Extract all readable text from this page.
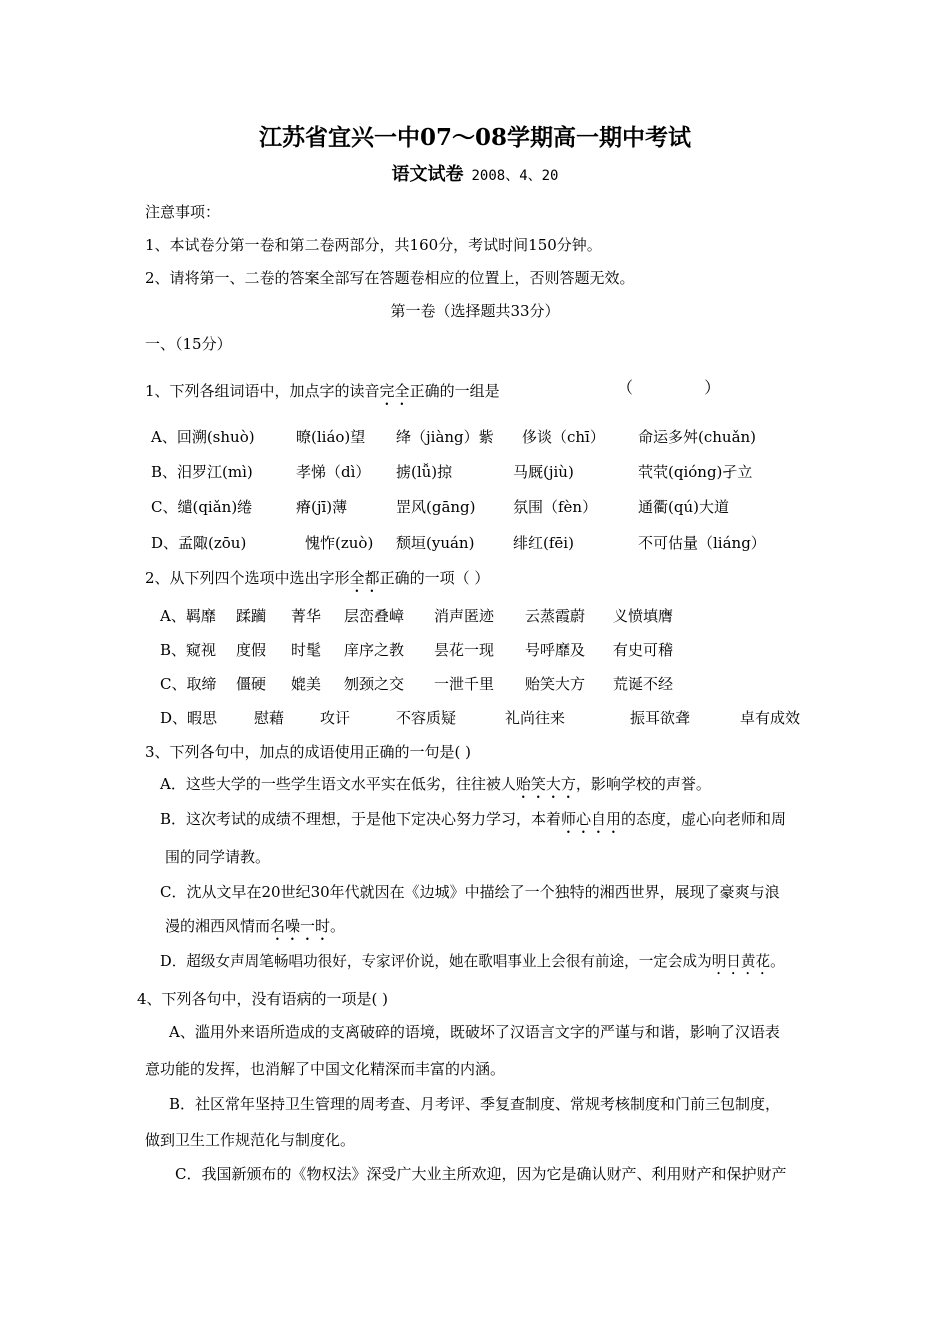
江苏省宜兴一中07～08学期高一期中考试
语文试卷 2008、4、20
注意事项：
1、本试卷分第一卷和第二卷两部分，共160分，考试时间150分钟。
2、请将第一、二卷的答案全部写在答题卷相应的位置上，否则答题无效。
第一卷（选择题共33分）
一、（15分）
1、下列各组词语中，加点字的读音完全正确的一组是	（              ）
A、回溯(shuò)	暸(liáo)望 绛（jiàng）紫 侈谈（chī） 命运多舛(chuǎn)
B、汨罗江(mì)	孝悌（dì） 掳(lǚ)掠	马厩(jiù)	茕茕(qióng)孑立
C、缱(qiǎn)绻	瘠(jī)薄	罡风(gāng) 氛围（fèn）	通衢(qú)大道
D、孟陬(zōu)	愧怍(zuò) 颓垣(yuán)	绯红(fēi)	不可估量（liáng）
2、从下列四个选项中选出字形全都正确的一项（ ）
A、羁靡 蹂躏 菁华 层峦叠嶂 消声匿迹 云蒸霞蔚 义愤填膺
B、窥视 度假 时髦 庠序之教 昙花一现 号呼靡及 有史可稽
C、取缔 僵硬 媲美 刎颈之交 一泄千里 贻笑大方 荒诞不经
D、暇思 慰藉 攻讦	不容质疑	礼尚往来	振耳欲聋	卓有成效
3、下列各句中，加点的成语使用正确的一句是( )
A．这些大学的一些学生语文水平实在低劣，往往被人贻笑大方，影响学校的声誉。
B．这次考试的成绩不理想，于是他下定决心努力学习，本着师心自用的态度，虚心向老师和周
围的同学请教。
C．沈从文早在20世纪30年代就因在《边城》中描绘了一个独特的湘西世界，展现了豪爽与浪
漫的湘西风情而名噪一时。
D．超级女声周笔畅唱功很好，专家评价说，她在歌唱事业上会很有前途，一定会成为明日黄花。
4、下列各句中，没有语病的一项是( )
A、滥用外来语所造成的支离破碎的语境，既破坏了汉语言文字的严谨与和谐，影响了汉语表
意功能的发挥，也消解了中国文化精深而丰富的内涵。
B．社区常年坚持卫生管理的周考查、月考评、季复查制度、常规考核制度和门前三包制度，
做到卫生工作规范化与制度化。
C．我国新颁布的《物权法》深受广大业主所欢迎，因为它是确认财产、利用财产和保护财产
